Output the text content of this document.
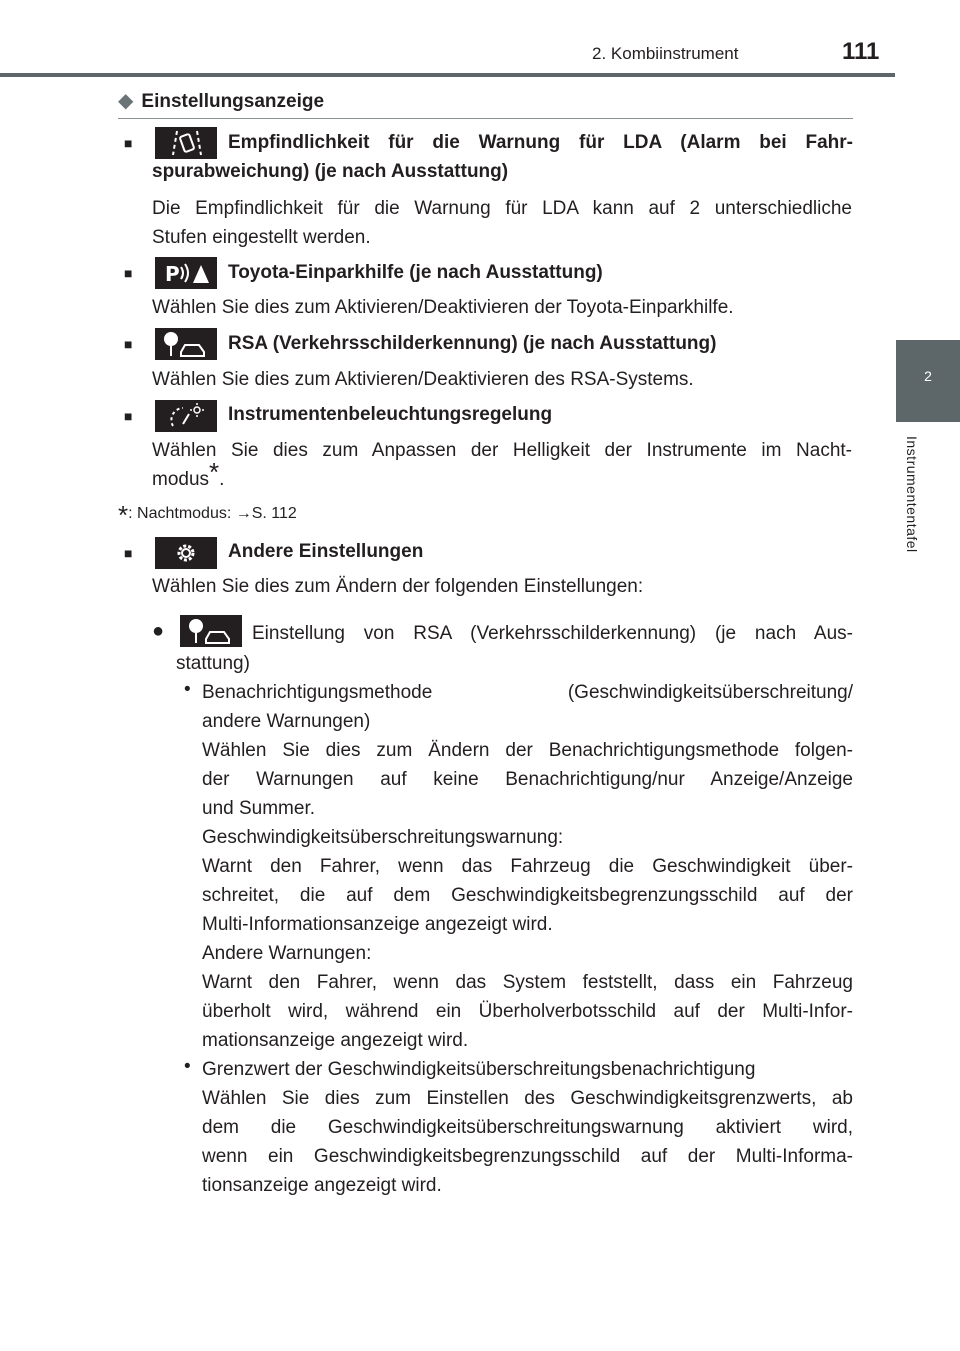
2. Kombiinstrument	111
2
Instrumententafel
◆ Einstellungsanzeige
■	Empfindlichkeit für die Warnung für LDA (Alarm bei Fahr-
spurabweichung) (je nach Ausstattung)
Die Empfindlichkeit für die Warnung für LDA kann auf 2 unterschiedliche
Stufen eingestellt werden.
■ P	Toyota-Einparkhilfe (je nach Ausstattung)
Wählen Sie dies zum Aktivieren/Deaktivieren der Toyota-Einparkhilfe.
■	RSA (Verkehrsschilderkennung) (je nach Ausstattung)
Wählen Sie dies zum Aktivieren/Deaktivieren des RSA-Systems.
■	Instrumentenbeleuchtungsregelung
Wählen Sie dies zum Anpassen der Helligkeit der Instrumente im Nacht-
modus*.
*: Nachtmodus: →S. 112
■	Andere Einstellungen
Wählen Sie dies zum Ändern der folgenden Einstellungen:
●	Einstellung von RSA (Verkehrsschilderkennung) (je nach Aus-
stattung)
• Benachrichtigungsmethode (Geschwindigkeitsüberschreitung/
andere Warnungen)
Wählen Sie dies zum Ändern der Benachrichtigungsmethode folgen-
der Warnungen auf keine Benachrichtigung/nur Anzeige/Anzeige
und Summer.
Geschwindigkeitsüberschreitungswarnung:
Warnt den Fahrer, wenn das Fahrzeug die Geschwindigkeit über-
schreitet, die auf dem Geschwindigkeitsbegrenzungsschild auf der
Multi-Informationsanzeige angezeigt wird.
Andere Warnungen:
Warnt den Fahrer, wenn das System feststellt, dass ein Fahrzeug
überholt wird, während ein Überholverbotsschild auf der Multi-Infor-
mationsanzeige angezeigt wird.
• Grenzwert der Geschwindigkeitsüberschreitungsbenachrichtigung
Wählen Sie dies zum Einstellen des Geschwindigkeitsgrenzwerts, ab
dem die Geschwindigkeitsüberschreitungswarnung aktiviert wird,
wenn ein Geschwindigkeitsbegrenzungsschild auf der Multi-Informa-
tionsanzeige angezeigt wird.
